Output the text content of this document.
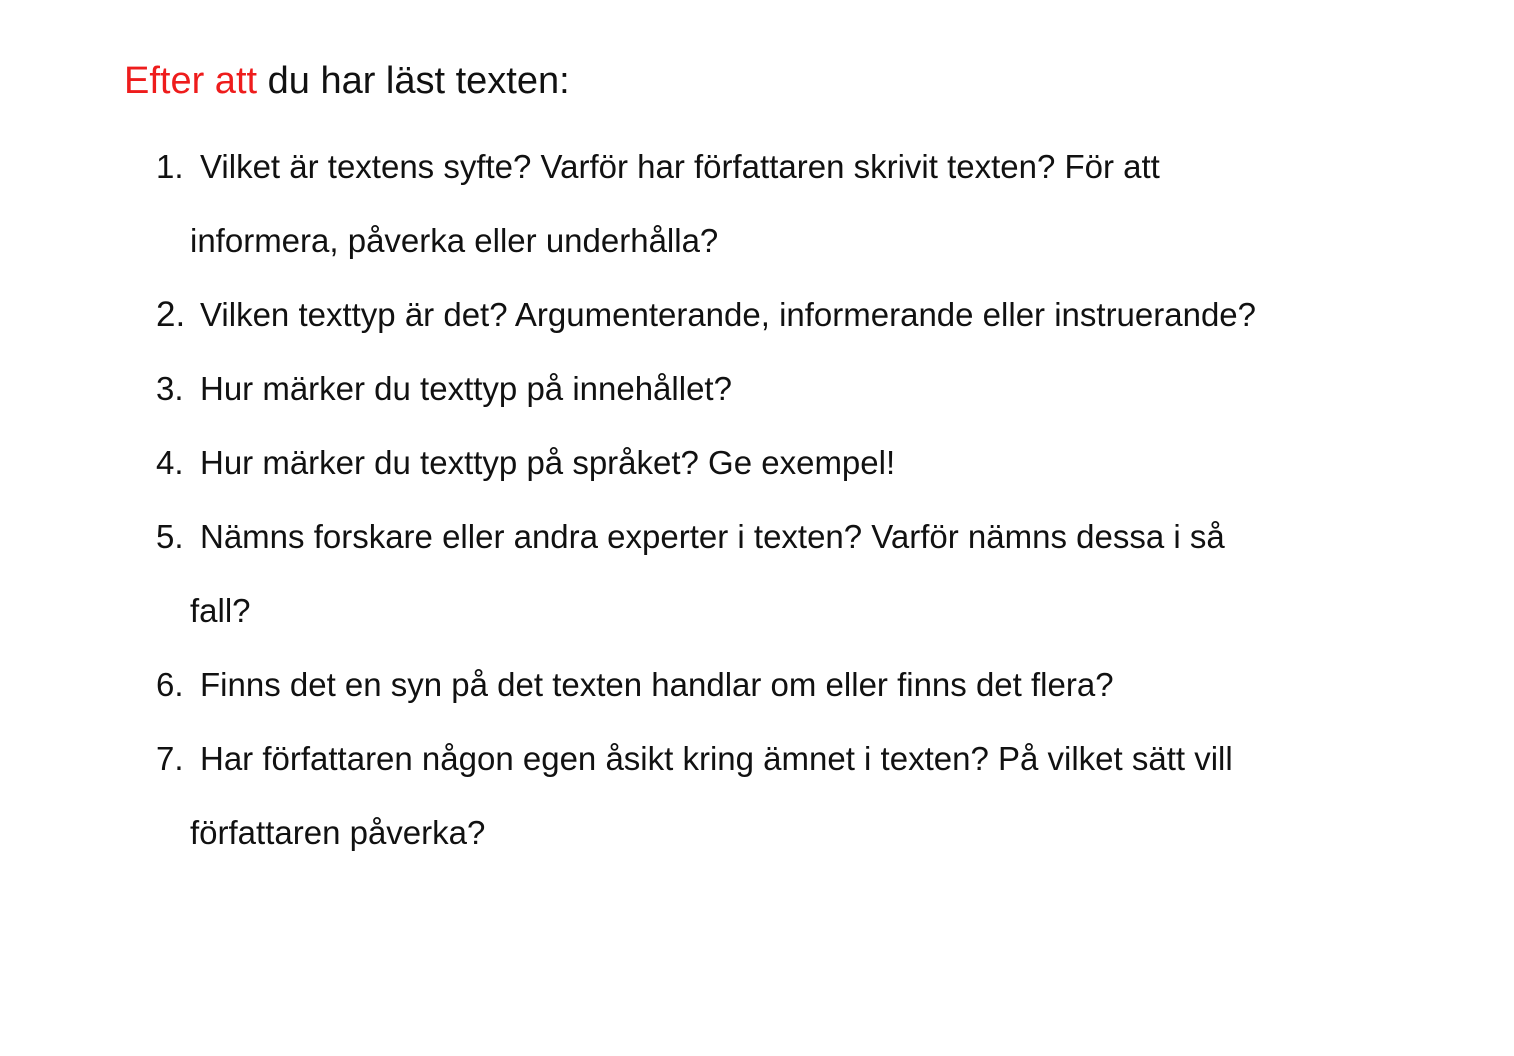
Efter att du har läst texten:
1. Vilket är textens syfte? Varför har författaren skrivit texten? För att
informera, påverka eller underhålla?
2. Vilken texttyp är det? Argumenterande, informerande eller instruerande?
3. Hur märker du texttyp på innehållet?
4. Hur märker du texttyp på språket? Ge exempel!
5. Nämns forskare eller andra experter i texten? Varför nämns dessa i så
fall?
6. Finns det en syn på det texten handlar om eller finns det flera?
7. Har författaren någon egen åsikt kring ämnet i texten? På vilket sätt vill
författaren påverka?
